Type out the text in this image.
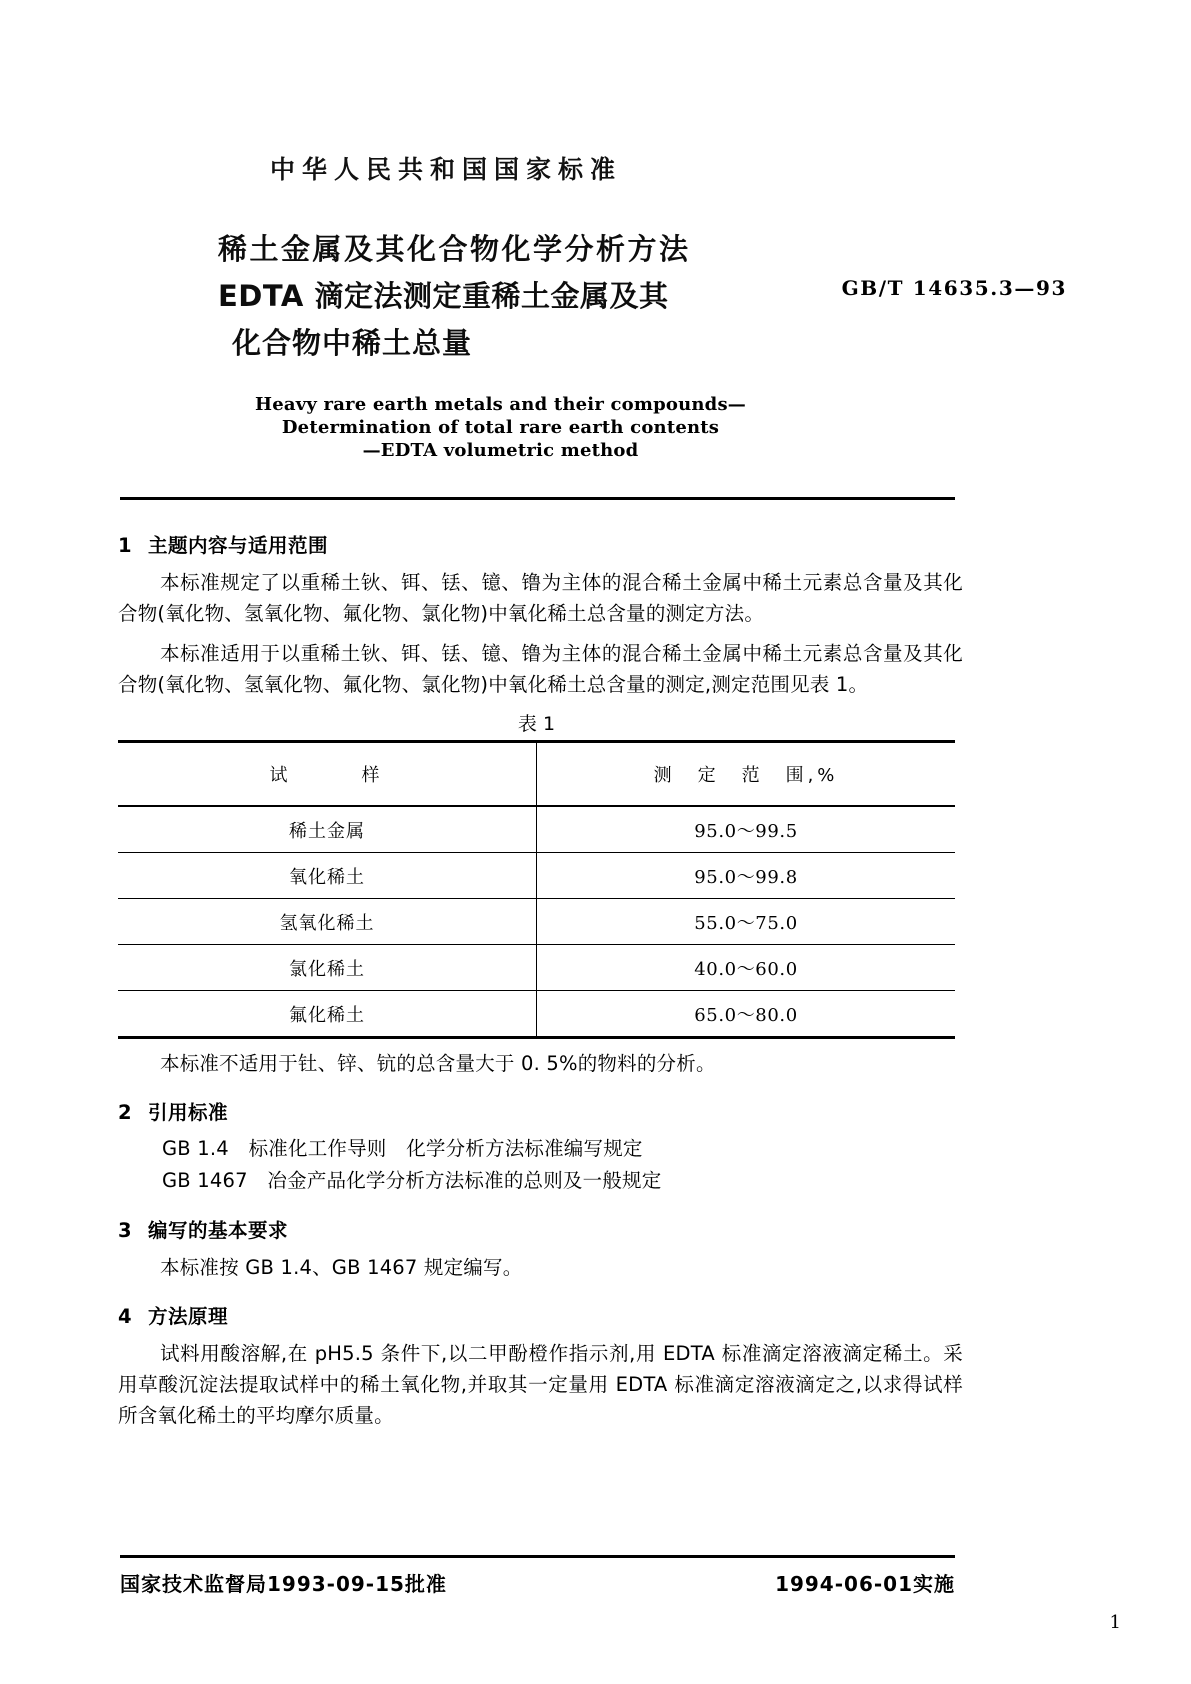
中华人民共和国国家标准
稀土金属及其化合物化学分析方法
EDTA 滴定法测定重稀土金属及其
化合物中稀土总量
GB/T 14635.3—93
Heavy rare earth metals and their compounds—
Determination of total rare earth contents
—EDTA volumetric method
1 主题内容与适用范围

本标准规定了以重稀土钬、铒、铥、镱、镥为主体的混合稀土金属中稀土元素总含量及其化合物(氧化物、氢氧化物、氟化物、氯化物)中氧化稀土总含量的测定方法。

本标准适用于以重稀土钬、铒、铥、镱、镥为主体的混合稀土金属中稀土元素总含量及其化合物(氧化物、氢氧化物、氟化物、氯化物)中氧化稀土总含量的测定,测定范围见表 1。

表 1
试　　　样	测　定　范　围,%
稀土金属	95.0～99.5
氧化稀土	95.0～99.8
氢氧化稀土	55.0～75.0
氯化稀土	40.0～60.0
氟化稀土	65.0～80.0

本标准不适用于钍、锌、钪的总含量大于 0. 5%的物料的分析。

2 引用标准
GB 1.4　标准化工作导则　化学分析方法标准编写规定
GB 1467　冶金产品化学分析方法标准的总则及一般规定
3 编写的基本要求

本标准按 GB 1.4、GB 1467 规定编写。

4 方法原理

试料用酸溶解,在 pH5.5 条件下,以二甲酚橙作指示剂,用 EDTA 标准滴定溶液滴定稀土。采用草酸沉淀法提取试样中的稀土氧化物,并取其一定量用 EDTA 标准滴定溶液滴定之,以求得试样所含氧化稀土的平均摩尔质量。

国家技术监督局1993-09-15批准	1994-06-01实施
1
